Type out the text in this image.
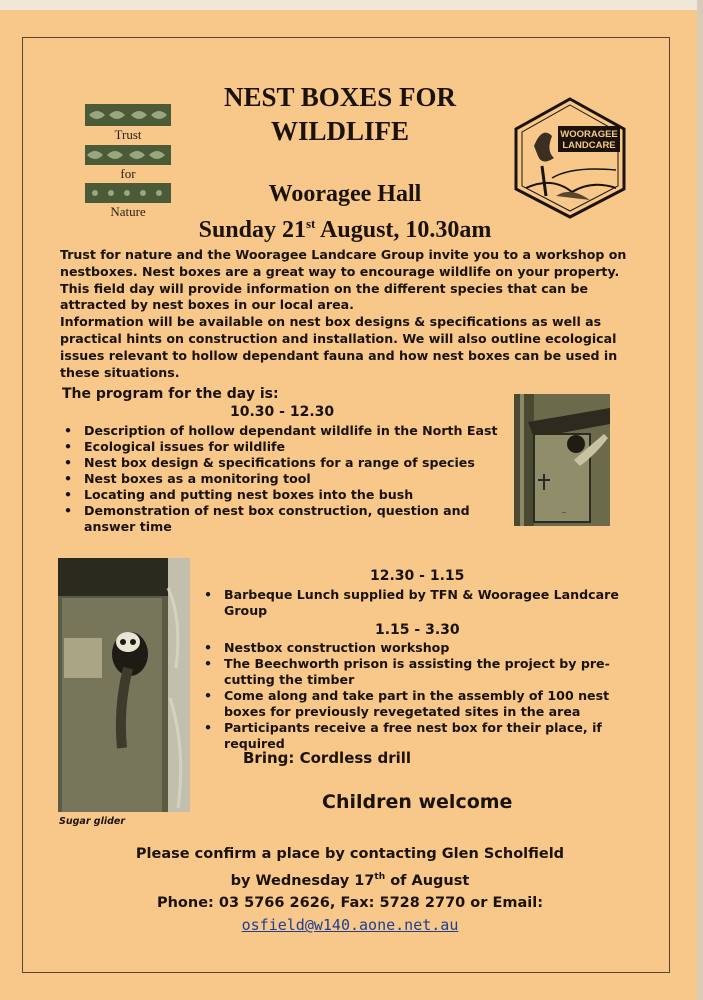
Trust
for
Nature
NEST BOXES FOR
WILDLIFE	WOORAGEE
LANDCARE
Wooragee Hall
Sunday 21st August, 10.30am

Trust for nature and the Wooragee Landcare Group invite you to a workshop on nestboxes. Nest boxes are a great way to encourage wildlife on your property.

This field day will provide information on the different species that can be attracted by nest boxes in our local area.

Information will be available on nest box designs & specifications as well as practical hints on construction and installation. We will also outline ecological issues relevant to hollow dependant fauna and how nest boxes can be used in these situations.

The program for the day is:
10.30 - 12.30
• Description of hollow dependant wildlife in the North East
• Ecological issues for wildlife
• Nest box design & specifications for a range of species
• Nest boxes as a monitoring tool
• Locating and putting nest boxes into the bush
• Demonstration of nest box construction, question and answer time
—
Sugar glider
12.30 - 1.15
• Barbeque Lunch supplied by TFN & Wooragee Landcare Group
1.15 - 3.30
• Nestbox construction workshop
• The Beechworth prison is assisting the project by pre-cutting the timber
• Come along and take part in the assembly of 100 nest boxes for previously revegetated sites in the area
• Participants receive a free nest box for their place, if required
Bring: Cordless drill
Children welcome
Please confirm a place by contacting Glen Scholfield
by Wednesday 17th of August
Phone: 03 5766 2626, Fax: 5728 2770 or Email:
osfield@w140.aone.net.au
